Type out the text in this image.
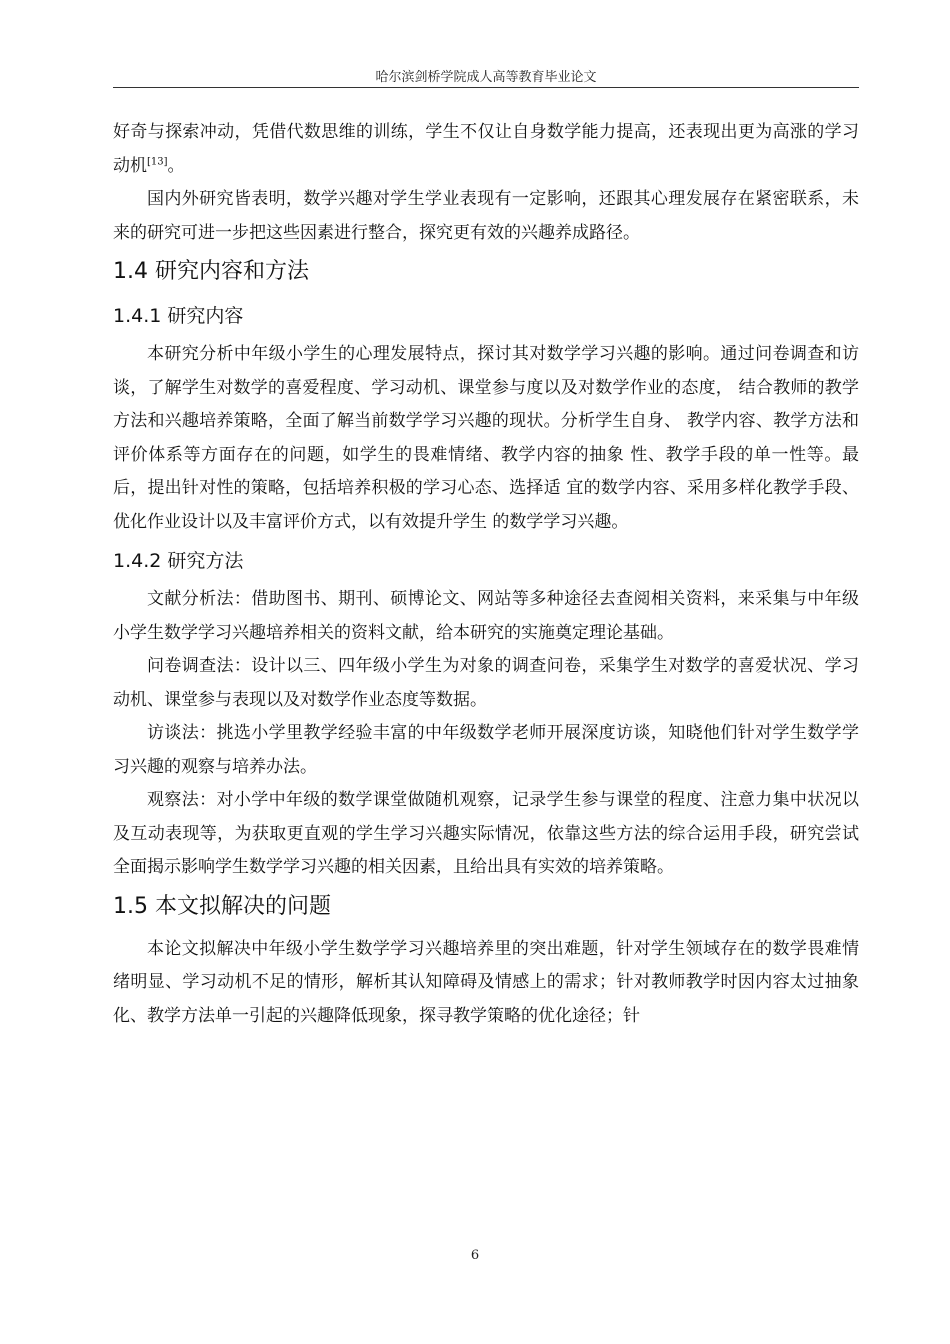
哈尔滨剑桥学院成人高等教育毕业论文

好奇与探索冲动，凭借代数思维的训练，学生不仅让自身数学能力提高，还表现出更为高涨的学习动机[13]。

国内外研究皆表明，数学兴趣对学生学业表现有一定影响，还跟其心理发展存在紧密联系，未来的研究可进一步把这些因素进行整合，探究更有效的兴趣养成路径。

1.4 研究内容和方法
1.4.1 研究内容

本研究分析中年级小学生的心理发展特点，探讨其对数学学习兴趣的影响。通过问卷调查和访谈，了解学生对数学的喜爱程度、学习动机、课堂参与度以及对数学作业的态度， 结合教师的教学方法和兴趣培养策略，全面了解当前数学学习兴趣的现状。分析学生自身、 教学内容、教学方法和评价体系等方面存在的问题，如学生的畏难情绪、教学内容的抽象 性、教学手段的单一性等。最后，提出针对性的策略，包括培养积极的学习心态、选择适 宜的数学内容、采用多样化教学手段、优化作业设计以及丰富评价方式，以有效提升学生 的数学学习兴趣。

1.4.2 研究方法

文献分析法：借助图书、期刊、硕博论文、网站等多种途径去查阅相关资料，来采集与中年级小学生数学学习兴趣培养相关的资料文献，给本研究的实施奠定理论基础。

问卷调查法：设计以三、四年级小学生为对象的调查问卷，采集学生对数学的喜爱状况、学习动机、课堂参与表现以及对数学作业态度等数据。

访谈法：挑选小学里教学经验丰富的中年级数学老师开展深度访谈，知晓他们针对学生数学学习兴趣的观察与培养办法。

观察法：对小学中年级的数学课堂做随机观察，记录学生参与课堂的程度、注意力集中状况以及互动表现等，为获取更直观的学生学习兴趣实际情况，依靠这些方法的综合运用手段，研究尝试全面揭示影响学生数学学习兴趣的相关因素，且给出具有实效的培养策略。

1.5 本文拟解决的问题

本论文拟解决中年级小学生数学学习兴趣培养里的突出难题，针对学生领域存在的数学畏难情绪明显、学习动机不足的情形，解析其认知障碍及情感上的需求；针对教师教学时因内容太过抽象化、教学方法单一引起的兴趣降低现象，探寻教学策略的优化途径；针

6
